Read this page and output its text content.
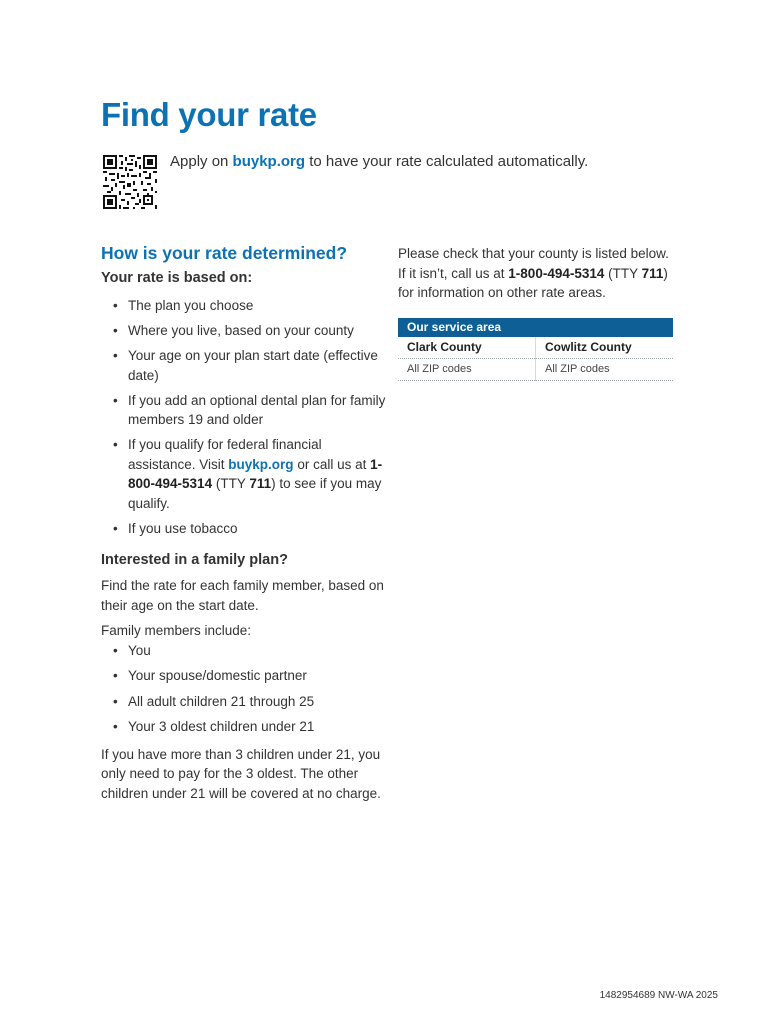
Find your rate
Apply on buykp.org to have your rate calculated automatically.
How is your rate determined?
Your rate is based on:
• The plan you choose
• Where you live, based on your county
• Your age on your plan start date (effective date)
• If you add an optional dental plan for family members 19 and older
• If you qualify for federal financial assistance. Visit buykp.org or call us at 1-800-494-5314 (TTY 711) to see if you may qualify.
• If you use tobacco
Interested in a family plan?

Find the rate for each family member, based on their age on the start date.

Family members include:

• You
• Your spouse/domestic partner
• All adult children 21 through 25
• Your 3 oldest children under 21

If you have more than 3 children under 21, you only need to pay for the 3 oldest. The other children under 21 will be covered at no charge.

Please check that your county is listed below. If it isn’t, call us at 1-800-494-5314 (TTY 711) for information on other rate areas.

Our service area
Clark County	Cowlitz County
All ZIP codes	All ZIP codes
1482954689 NW-WA 2025
